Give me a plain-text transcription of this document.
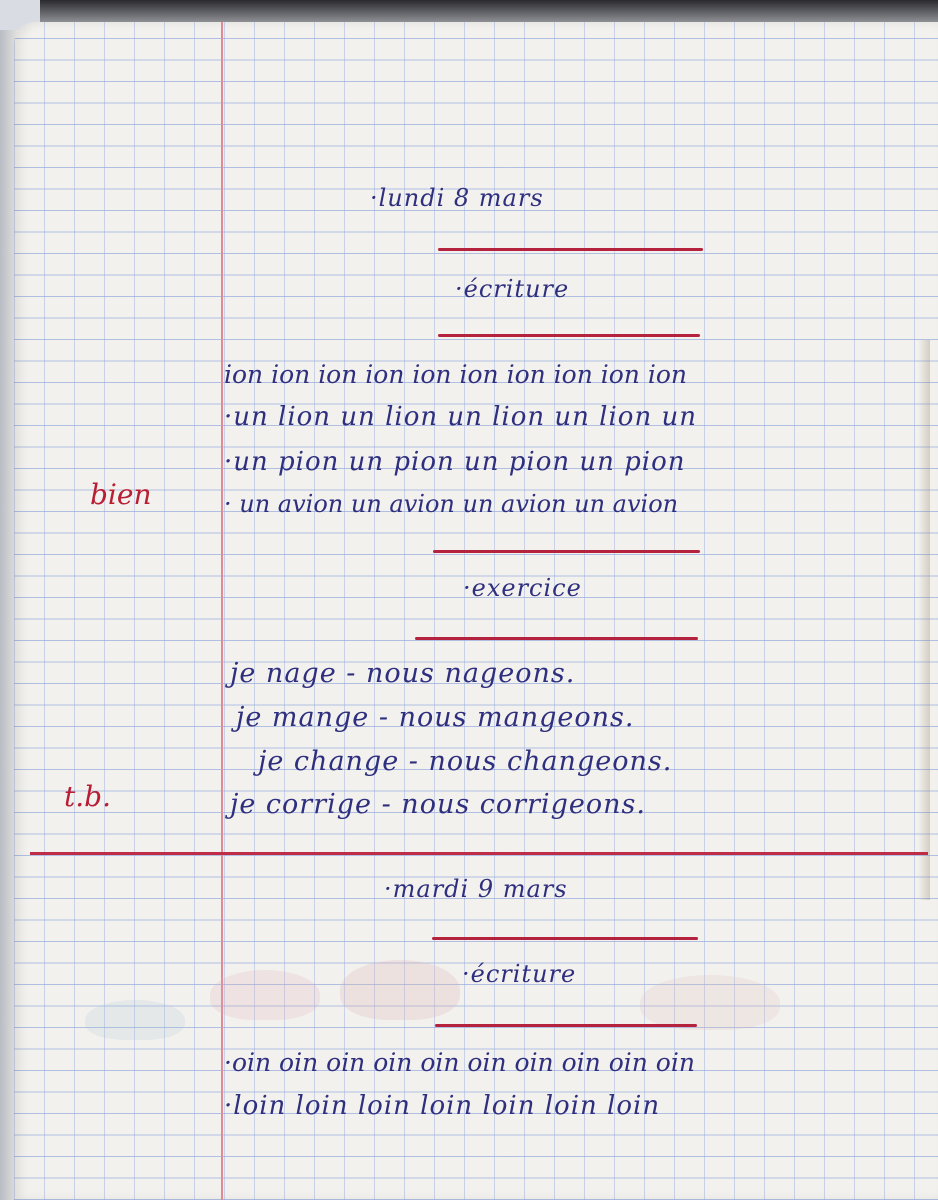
·lundi 8 mars
·écriture
ion ion ion ion ion ion ion ion ion ion
·un lion un lion un lion un lion un
·un pion un pion un pion un pion
· un avion un avion un avion un avion
bien
·exercice
je nage - nous nageons.
je mange - nous mangeons.
je change - nous changeons.
je corrige - nous corrigeons.
t.b.
·mardi 9 mars
·écriture
·oin oin oin oin oin oin oin oin oin oin
·loin loin loin loin loin loin loin
